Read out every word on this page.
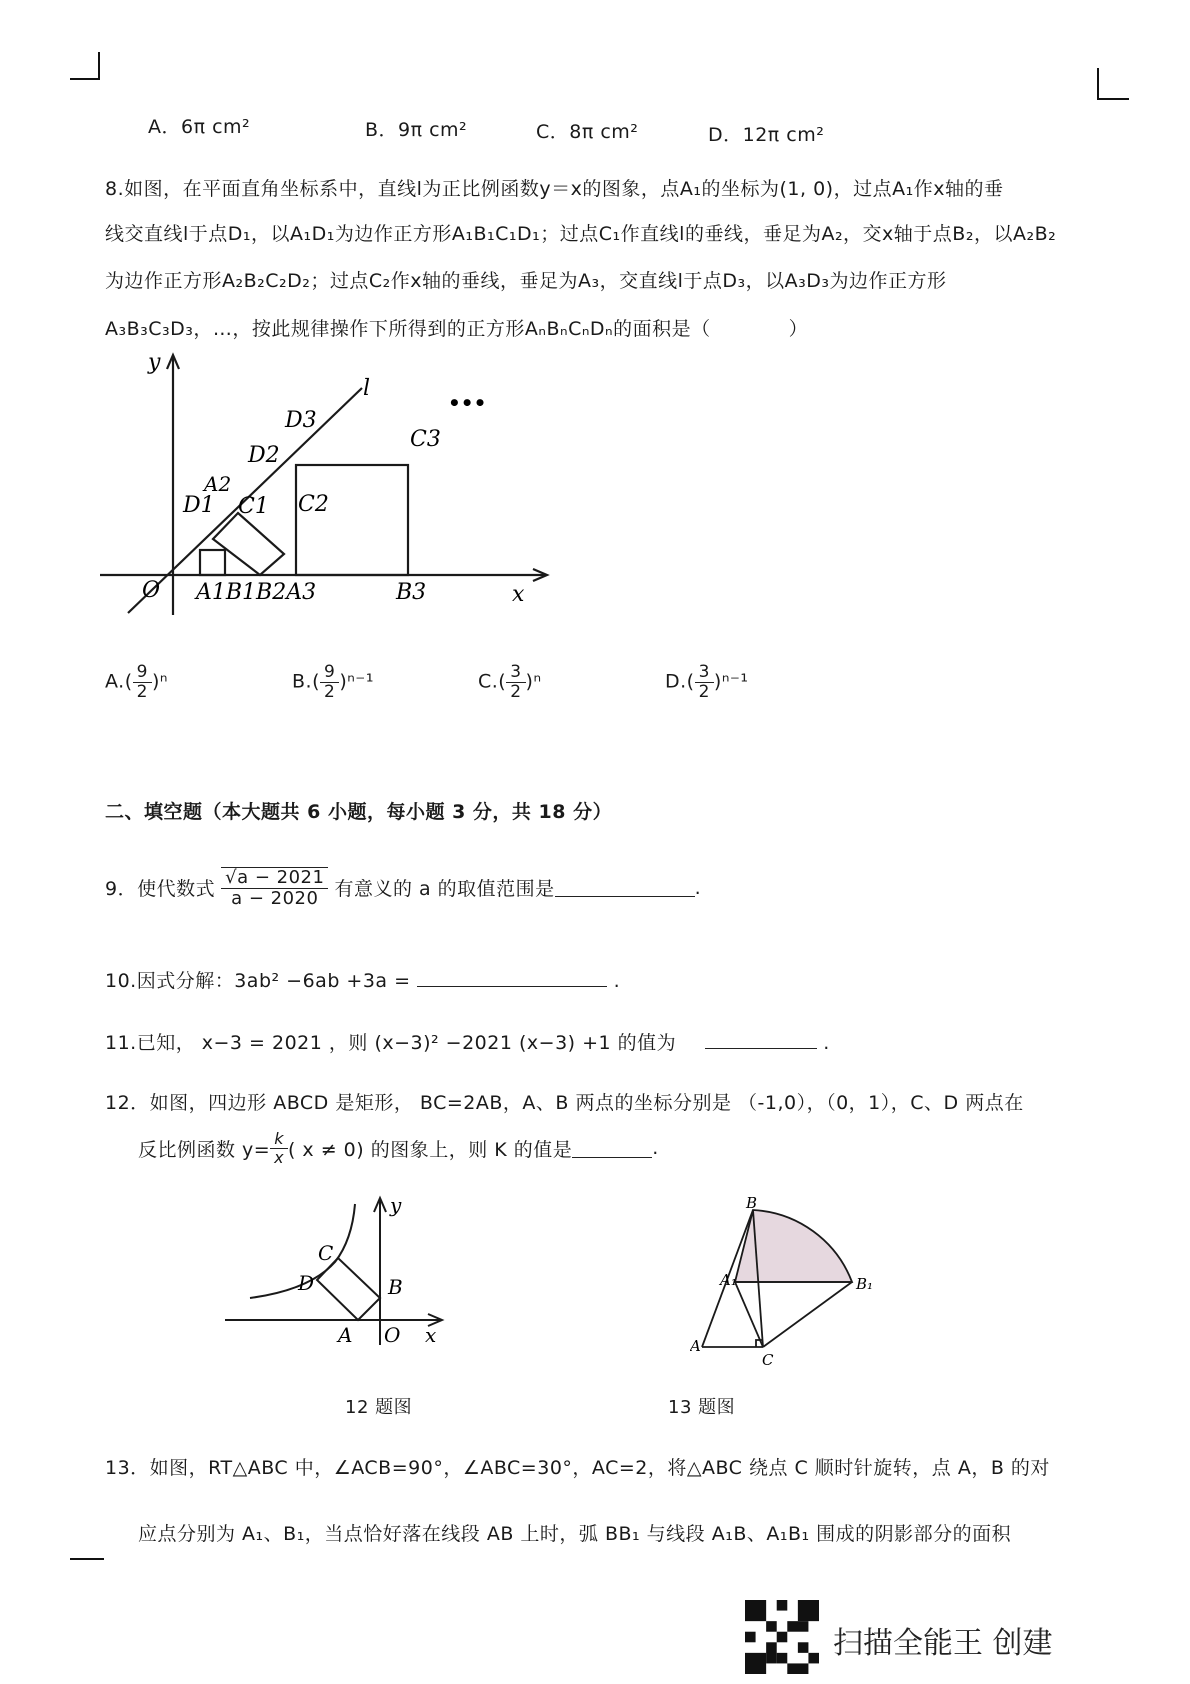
A．6π cm²	B．9π cm²	C．8π cm²	D．12π cm²
8.如图，在平面直角坐标系中，直线l为正比例函数y＝x的图象，点A₁的坐标为(1, 0)，过点A₁作x轴的垂
线交直线l于点D₁，以A₁D₁为边作正方形A₁B₁C₁D₁；过点C₁作直线l的垂线，垂足为A₂，交x轴于点B₂，以A₂B₂
为边作正方形A₂B₂C₂D₂；过点C₂作x轴的垂线，垂足为A₃，交直线l于点D₃，以A₃D₃为边作正方形
A₃B₃C₃D₃，…，按此规律操作下所得到的正方形AₙBₙCₙDₙ的面积是（　　　　）
y
l
•••
D3
C3
D2
A2
D1 C1 C2
O A1B1B2A3	B3	x
$A.( \frac{9}{2} )^n$	$B.( \frac{9}{2} )^{n-1}$	$C.( \frac{3}{2} )^n$	$D.( \frac{3}{2} )^{n-1}$
二、填空题（本大题共 6 小题，每小题 3 分，共 18 分）
9．使代数式 $\frac{√a - 2021}{a - 2020}$ 有意义的 a 的取值范围是	.
10.因式分解：3ab² −6ab +3a =	.
11.已知， x−3 = 2021 ，则 (x−3)² −2021 (x−3) +1 的值为	.
12．如图，四边形 ABCD 是矩形， BC=2AB，A、B 两点的坐标分别是 （-1,0），（0，1），C、D 两点在
反比例函数 $y= \frac{k}{x}$ ( x ≠ 0) 的图象上，则 K 的值是	.
y
C
D	B
A O x
12 题图
B
A₁	B₁
A
C
13 题图
13．如图，RT△ABC 中，∠ACB=90°，∠ABC=30°，AC=2，将△ABC 绕点 C 顺时针旋转，点 A，B 的对
应点分别为 A₁、B₁，当点恰好落在线段 AB 上时，弧 BB₁ 与线段 A₁B、A₁B₁ 围成的阴影部分的面积
扫描全能王 创建
